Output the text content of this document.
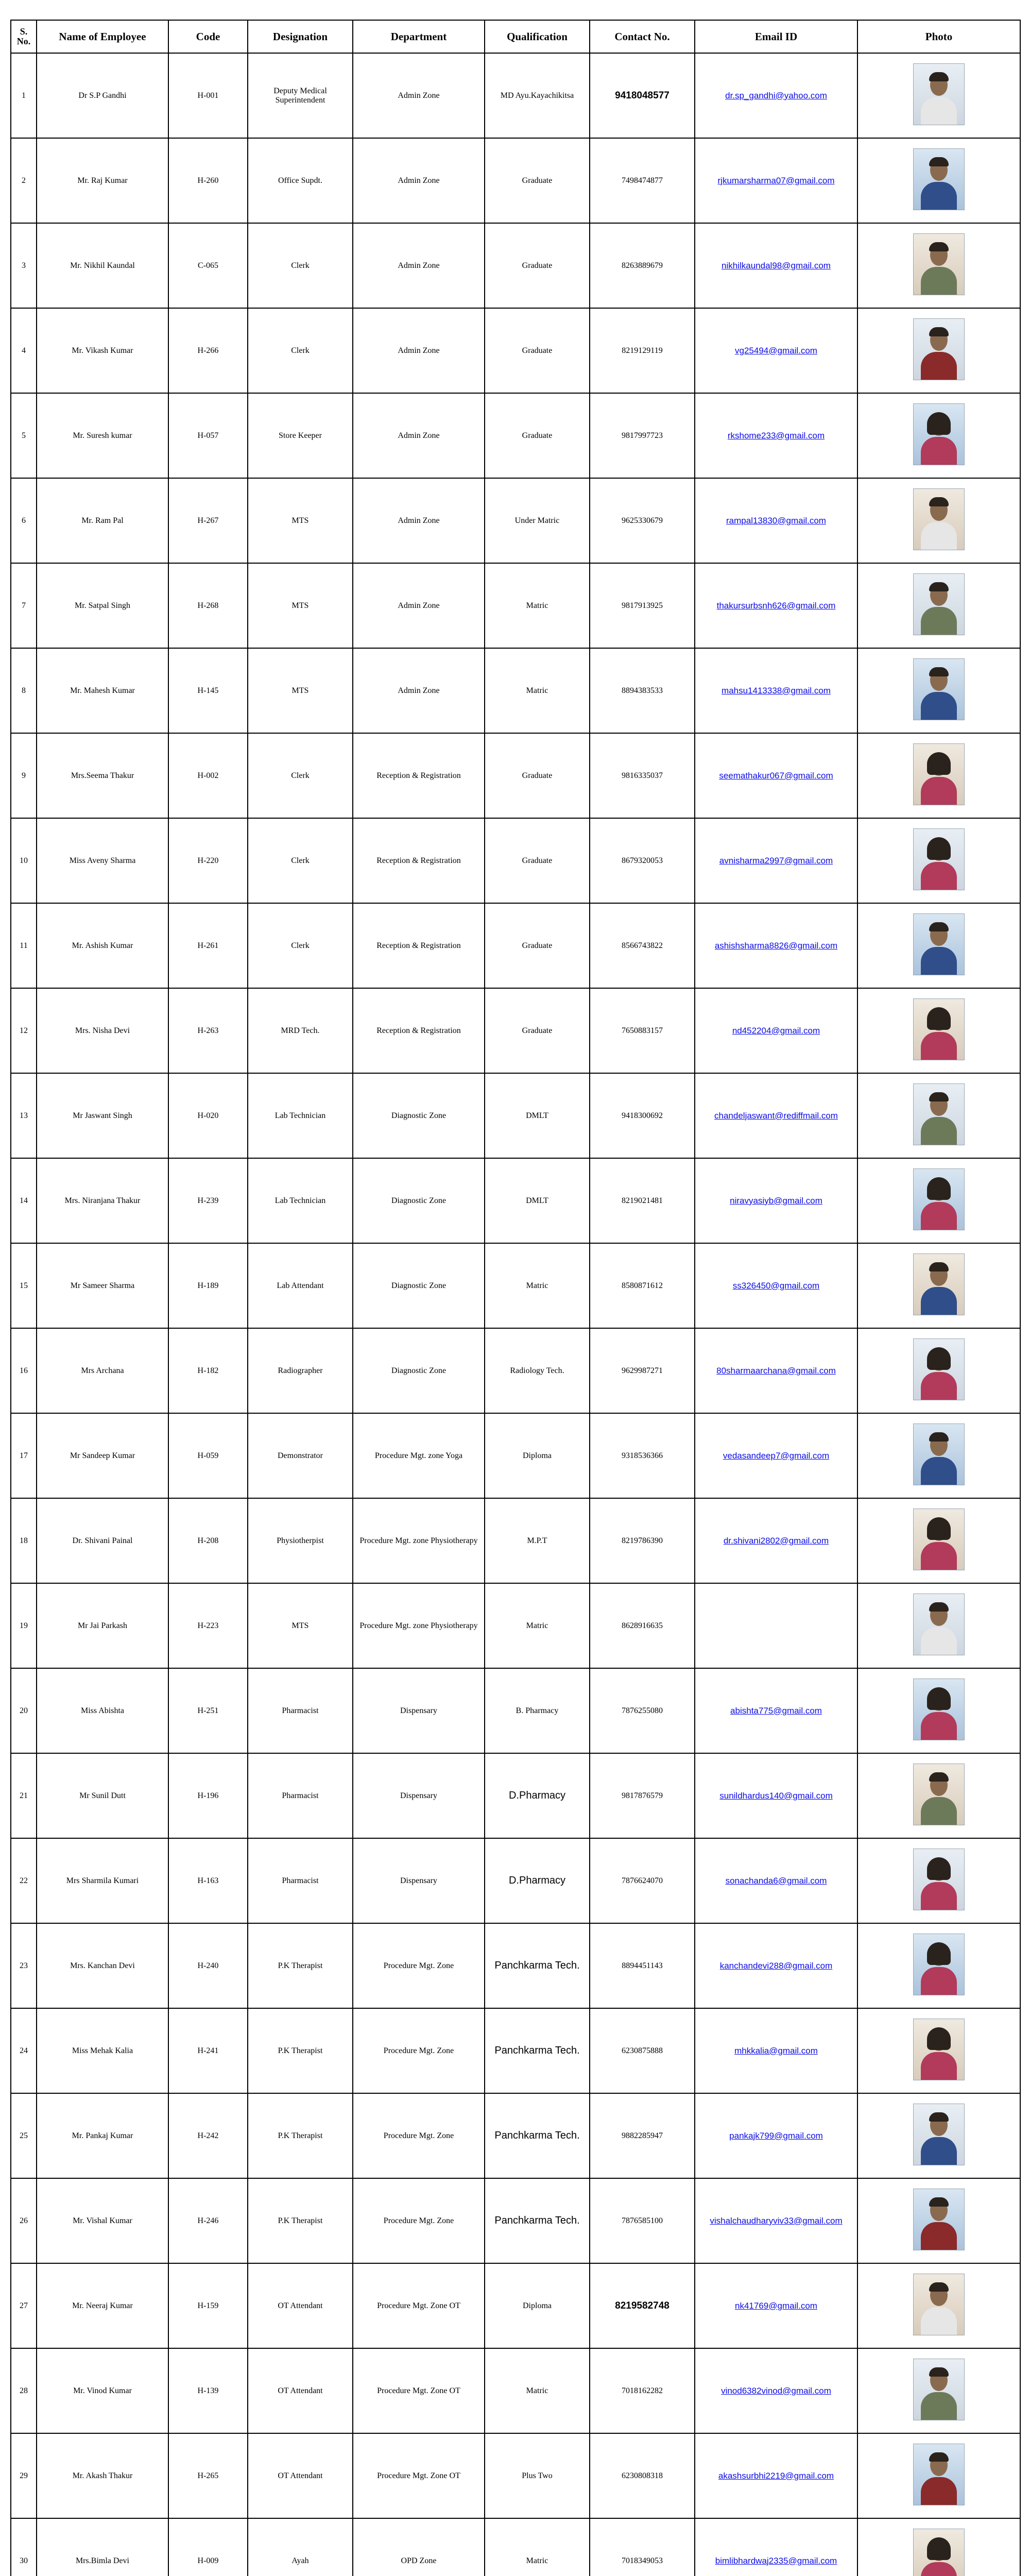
S. No.	Name of Employee	Code	Designation	Department	Qualification	Contact No.	Email ID	Photo
1	Dr S.P Gandhi	H-001	Deputy Medical Superintendent	Admin Zone	MD Ayu.Kayachikitsa	9418048577	dr.sp_gandhi@yahoo.com	

2	Mr. Raj Kumar	H-260	Office Supdt.	Admin Zone	Graduate	7498474877	rjkumarsharma07@gmail.com	

3	Mr. Nikhil Kaundal	C-065	Clerk	Admin Zone	Graduate	8263889679	nikhilkaundal98@gmail.com	

4	Mr. Vikash Kumar	H-266	Clerk	Admin Zone	Graduate	8219129119	vg25494@gmail.com	

5	Mr. Suresh kumar	H-057	Store Keeper	Admin Zone	Graduate	9817997723	rkshome233@gmail.com	

6	Mr. Ram Pal	H-267	MTS	Admin Zone	Under Matric	9625330679	rampal13830@gmail.com	

7	Mr. Satpal Singh	H-268	MTS	Admin Zone	Matric	9817913925	thakursurbsnh626@gmail.com	

8	Mr. Mahesh Kumar	H-145	MTS	Admin Zone	Matric	8894383533	mahsu1413338@gmail.com	

9	Mrs.Seema Thakur	H-002	Clerk	Reception & Registration	Graduate	9816335037	seemathakur067@gmail.com	

10	Miss Aveny Sharma	H-220	Clerk	Reception & Registration	Graduate	8679320053	avnisharma2997@gmail.com	

11	Mr. Ashish Kumar	H-261	Clerk	Reception & Registration	Graduate	8566743822	ashishsharma8826@gmail.com	

12	Mrs. Nisha Devi	H-263	MRD Tech.	Reception & Registration	Graduate	7650883157	nd452204@gmail.com	

13	Mr Jaswant Singh	H-020	Lab Technician	Diagnostic Zone	DMLT	9418300692	chandeljaswant@rediffmail.com	

14	Mrs. Niranjana Thakur	H-239	Lab Technician	Diagnostic Zone	DMLT	8219021481	niravyasiyb@gmail.com	

15	Mr Sameer Sharma	H-189	Lab Attendant	Diagnostic Zone	Matric	8580871612	ss326450@gmail.com	

16	Mrs Archana	H-182	Radiographer	Diagnostic Zone	Radiology Tech.	9629987271	80sharmaarchana@gmail.com	

17	Mr Sandeep Kumar	H-059	Demonstrator	Procedure Mgt. zone Yoga	Diploma	9318536366	vedasandeep7@gmail.com	

18	Dr. Shivani Painal	H-208	Physiotherpist	Procedure Mgt. zone Physiotherapy	M.P.T	8219786390	dr.shivani2802@gmail.com	

19	Mr Jai Parkash	H-223	MTS	Procedure Mgt. zone Physiotherapy	Matric	8628916635		

20	Miss Abishta	H-251	Pharmacist	Dispensary	B. Pharmacy	7876255080	abishta775@gmail.com	

21	Mr Sunil Dutt	H-196	Pharmacist	Dispensary	D.Pharmacy	9817876579	sunildhardus140@gmail.com	

22	Mrs Sharmila Kumari	H-163	Pharmacist	Dispensary	D.Pharmacy	7876624070	sonachanda6@gmail.com	

23	Mrs. Kanchan Devi	H-240	P.K Therapist	Procedure Mgt. Zone	Panchkarma Tech.	8894451143	kanchandevi288@gmail.com	

24	Miss Mehak Kalia	H-241	P.K Therapist	Procedure Mgt. Zone	Panchkarma Tech.	6230875888	mhkkalia@gmail.com	

25	Mr. Pankaj Kumar	H-242	P.K Therapist	Procedure Mgt. Zone	Panchkarma Tech.	9882285947	pankajk799@gmail.com	

26	Mr. Vishal Kumar	H-246	P.K Therapist	Procedure Mgt. Zone	Panchkarma Tech.	7876585100	vishalchaudharyviv33@gmail.com	

27	Mr. Neeraj Kumar	H-159	OT Attendant	Procedure Mgt. Zone OT	Diploma	8219582748	nk41769@gmail.com	

28	Mr. Vinod Kumar	H-139	OT Attendant	Procedure Mgt. Zone OT	Matric	7018162282	vinod6382vinod@gmail.com	

29	Mr. Akash Thakur	H-265	OT Attendant	Procedure Mgt. Zone OT	Plus Two	6230808318	akashsurbhi2219@gmail.com	

30	Mrs.Bimla Devi	H-009	Ayah	OPD Zone	Matric	7018349053	bimlibhardwaj2335@gmail.com	
